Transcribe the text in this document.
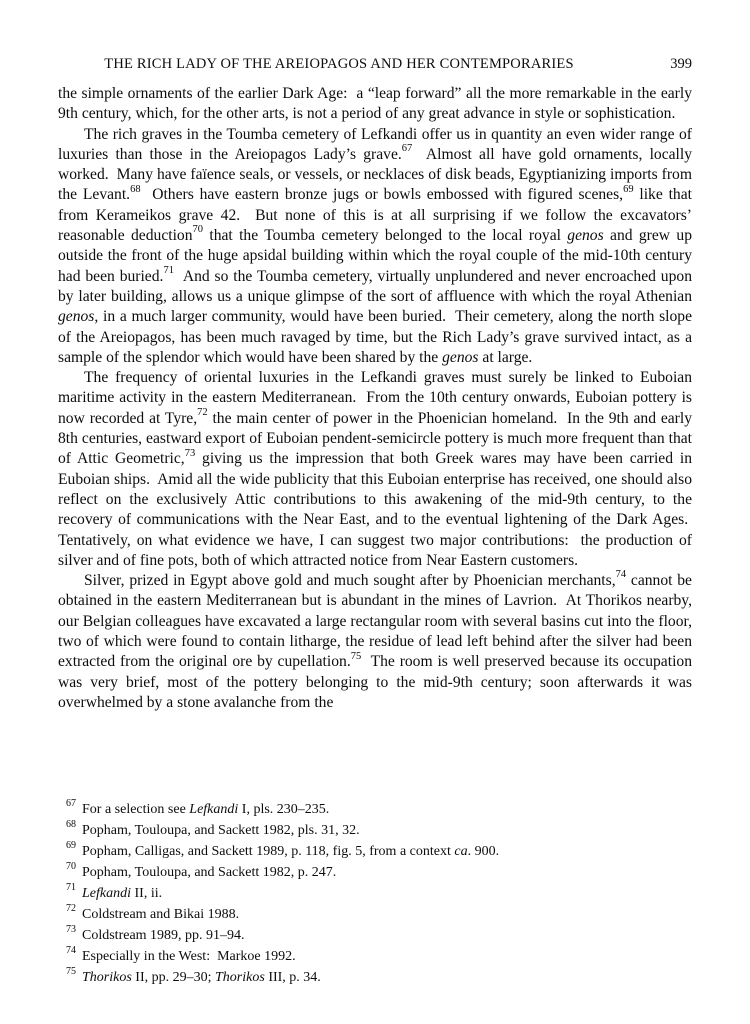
THE RICH LADY OF THE AREIOPAGOS AND HER CONTEMPORARIES	399

the simple ornaments of the earlier Dark Age:  a “leap forward” all the more remarkable in the early 9th century, which, for the other arts, is not a period of any great advance in style or sophistication.

The rich graves in the Toumba cemetery of Lefkandi offer us in quantity an even wider range of luxuries than those in the Areiopagos Lady’s grave.$^{67}$  Almost all have gold ornaments, locally worked.  Many have faïence seals, or vessels, or necklaces of disk beads, Egyptianizing imports from the Levant.$^{68}$  Others have eastern bronze jugs or bowls embossed with figured scenes,$^{69}$ like that from Kerameikos grave 42.  But none of this is at all surprising if we follow the excavators’ reasonable deduction$^{70}$ that the Toumba cemetery belonged to the local royal genos and grew up outside the front of the huge apsidal building within which the royal couple of the mid-10th century had been buried.$^{71}$  And so the Toumba cemetery, virtually unplundered and never encroached upon by later building, allows us a unique glimpse of the sort of affluence with which the royal Athenian genos, in a much larger community, would have been buried.  Their cemetery, along the north slope of the Areiopagos, has been much ravaged by time, but the Rich Lady’s grave survived intact, as a sample of the splendor which would have been shared by the genos at large.

The frequency of oriental luxuries in the Lefkandi graves must surely be linked to Euboian maritime activity in the eastern Mediterranean.  From the 10th century onwards, Euboian pottery is now recorded at Tyre,$^{72}$ the main center of power in the Phoenician homeland.  In the 9th and early 8th centuries, eastward export of Euboian pendent-semicircle pottery is much more frequent than that of Attic Geometric,$^{73}$ giving us the impression that both Greek wares may have been carried in Euboian ships.  Amid all the wide publicity that this Euboian enterprise has received, one should also reflect on the exclusively Attic contributions to this awakening of the mid-9th century, to the recovery of communications with the Near East, and to the eventual lightening of the Dark Ages.  Tentatively, on what evidence we have, I can suggest two major contributions:  the production of silver and of fine pots, both of which attracted notice from Near Eastern customers.

Silver, prized in Egypt above gold and much sought after by Phoenician merchants,$^{74}$ cannot be obtained in the eastern Mediterranean but is abundant in the mines of Lavrion.  At Thorikos nearby, our Belgian colleagues have excavated a large rectangular room with several basins cut into the floor, two of which were found to contain litharge, the residue of lead left behind after the silver had been extracted from the original ore by cupellation.$^{75}$  The room is well preserved because its occupation was very brief, most of the pottery belonging to the mid-9th century; soon afterwards it was overwhelmed by a stone avalanche from the

$^{67}$ For a selection see Lefkandi I, pls. 230–235.
$^{68}$ Popham, Touloupa, and Sackett 1982, pls. 31, 32.
$^{69}$ Popham, Calligas, and Sackett 1989, p. 118, fig. 5, from a context ca. 900.
$^{70}$ Popham, Touloupa, and Sackett 1982, p. 247.
$^{71}$ Lefkandi II, ii.
$^{72}$ Coldstream and Bikai 1988.
$^{73}$ Coldstream 1989, pp. 91–94.
$^{74}$ Especially in the West:  Markoe 1992.
$^{75}$ Thorikos II, pp. 29–30; Thorikos III, p. 34.
